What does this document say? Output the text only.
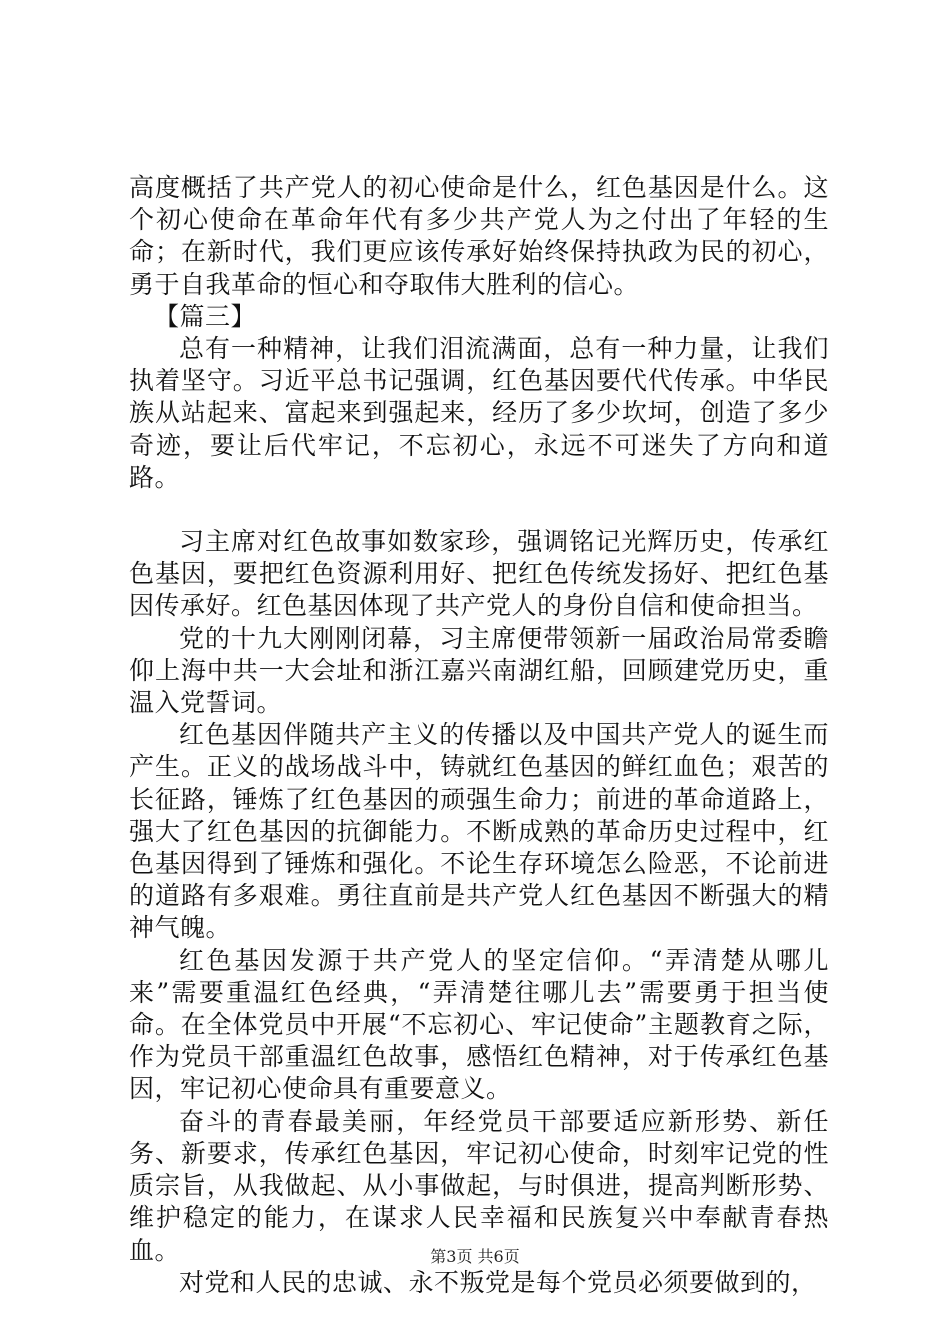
高度概括了共产党人的初心使命是什么，红色基因是什么。这个初心使命在革命年代有多少共产党人为之付出了年轻的生命；在新时代，我们更应该传承好始终保持执政为民的初心，勇于自我革命的恒心和夺取伟大胜利的信心。

【篇三】

总有一种精神，让我们泪流满面，总有一种力量，让我们执着坚守。习近平总书记强调，红色基因要代代传承。中华民族从站起来、富起来到强起来，经历了多少坎坷，创造了多少奇迹，要让后代牢记，不忘初心，永远不可迷失了方向和道路。

习主席对红色故事如数家珍，强调铭记光辉历史，传承红色基因，要把红色资源利用好、把红色传统发扬好、把红色基因传承好。红色基因体现了共产党人的身份自信和使命担当。

党的十九大刚刚闭幕，习主席便带领新一届政治局常委瞻仰上海中共一大会址和浙江嘉兴南湖红船，回顾建党历史，重温入党誓词。

红色基因伴随共产主义的传播以及中国共产党人的诞生而产生。正义的战场战斗中，铸就红色基因的鲜红血色；艰苦的长征路，锤炼了红色基因的顽强生命力；前进的革命道路上，强大了红色基因的抗御能力。不断成熟的革命历史过程中，红色基因得到了锤炼和强化。不论生存环境怎么险恶，不论前进的道路有多艰难。勇往直前是共产党人红色基因不断强大的精神气魄。

红色基因发源于共产党人的坚定信仰。“弄清楚从哪儿来”需要重温红色经典，“弄清楚往哪儿去”需要勇于担当使命。在全体党员中开展“不忘初心、牢记使命”主题教育之际，作为党员干部重温红色故事，感悟红色精神，对于传承红色基因，牢记初心使命具有重要意义。

奋斗的青春最美丽，年经党员干部要适应新形势、新任务、新要求，传承红色基因，牢记初心使命，时刻牢记党的性质宗旨，从我做起、从小事做起，与时俱进，提高判断形势、维护稳定的能力，在谋求人民幸福和民族复兴中奉献青春热血。

对党和人民的忠诚、永不叛党是每个党员必须要做到的，

第3页 共6页
